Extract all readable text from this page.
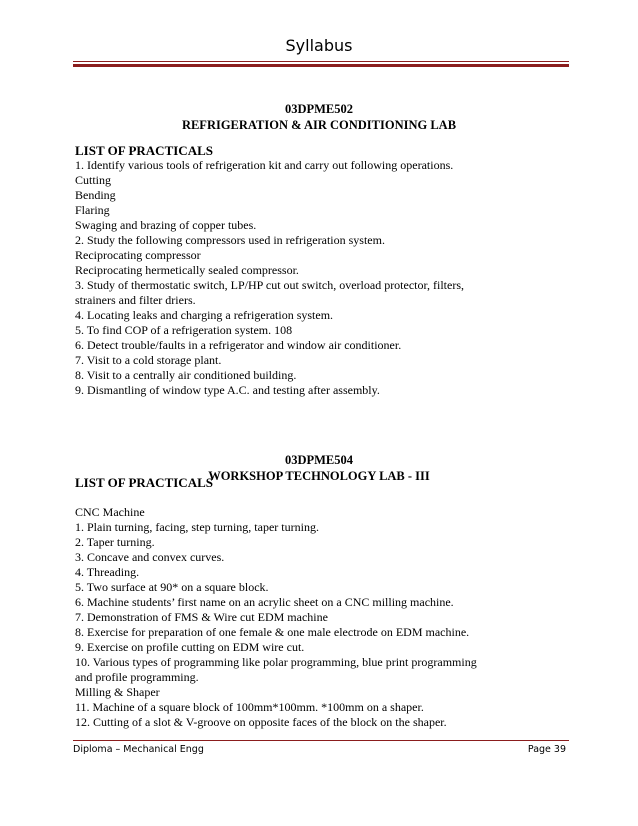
Syllabus
03DPME502
REFRIGERATION & AIR CONDITIONING LAB
LIST OF PRACTICALS
1. Identify various tools of refrigeration kit and carry out following operations.
Cutting
Bending
Flaring
Swaging and brazing of copper tubes.
2. Study the following compressors used in refrigeration system.
Reciprocating compressor
Reciprocating hermetically sealed compressor.
3. Study of thermostatic switch, LP/HP cut out switch, overload protector, filters,
strainers and filter driers.
4. Locating leaks and charging a refrigeration system.
5. To find COP of a refrigeration system. 108
6. Detect trouble/faults in a refrigerator and window air conditioner.
7. Visit to a cold storage plant.
8. Visit to a centrally air conditioned building.
9. Dismantling of window type A.C. and testing after assembly.
03DPME504
WORKSHOP TECHNOLOGY LAB - III
LIST OF PRACTICALS
CNC Machine
1. Plain turning, facing, step turning, taper turning.
2. Taper turning.
3. Concave and convex curves.
4. Threading.
5. Two surface at 90* on a square block.
6. Machine students’ first name on an acrylic sheet on a CNC milling machine.
7. Demonstration of FMS & Wire cut EDM machine
8. Exercise for preparation of one female & one male electrode on EDM machine.
9. Exercise on profile cutting on EDM wire cut.
10. Various types of programming like polar programming, blue print programming
and profile programming.
Milling & Shaper
11. Machine of a square block of 100mm*100mm. *100mm on a shaper.
12. Cutting of a slot & V-groove on opposite faces of the block on the shaper.
Diploma – Mechanical Engg	Page 39
